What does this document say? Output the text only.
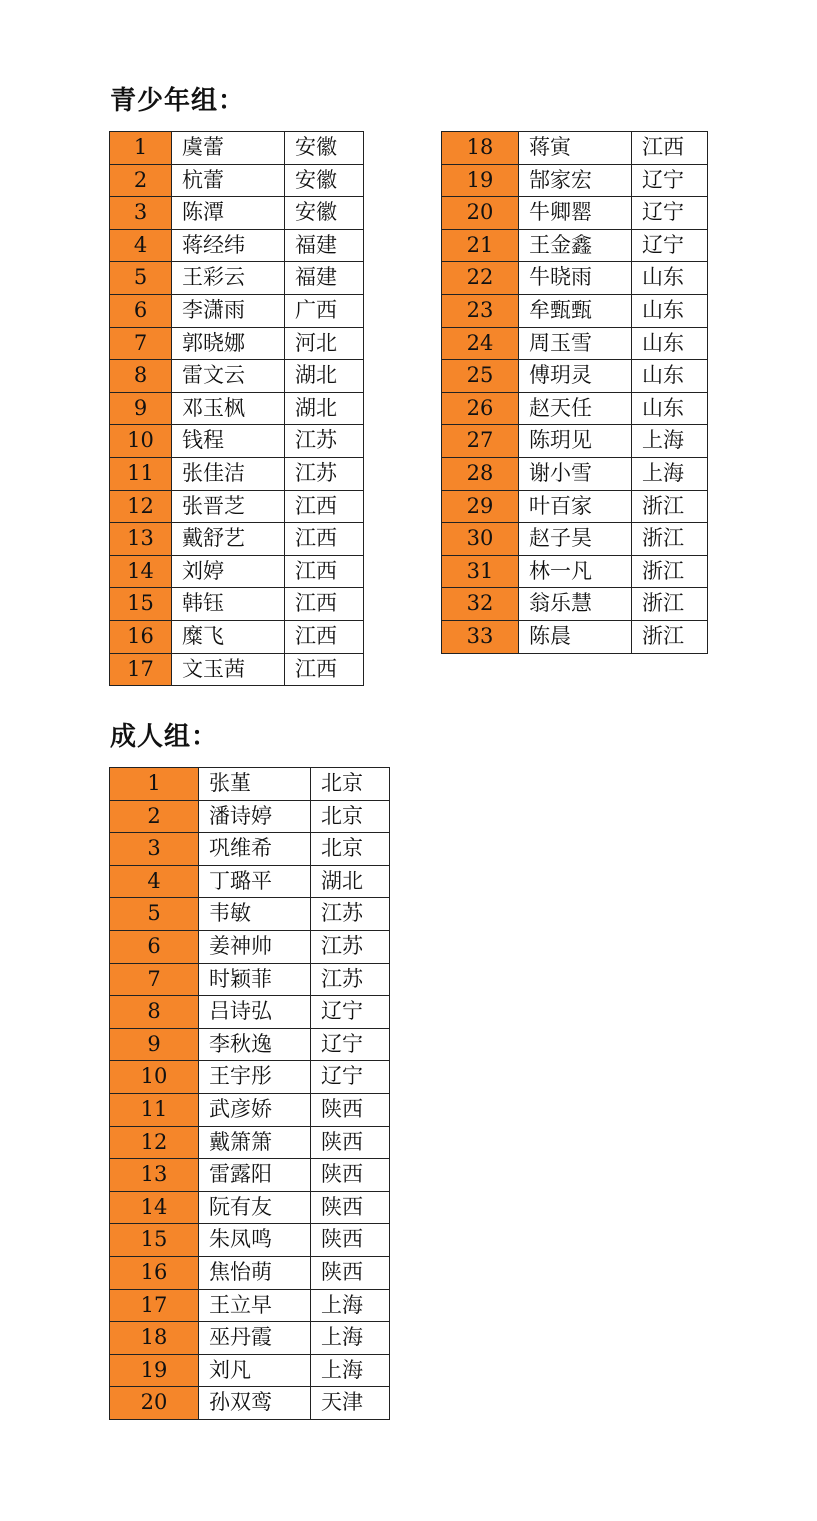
青少年组：
1	虞蕾	安徽
2	杭蕾	安徽
3	陈潭	安徽
4	蒋经纬	福建
5	王彩云	福建
6	李潇雨	广西
7	郭晓娜	河北
8	雷文云	湖北
9	邓玉枫	湖北
10	钱程	江苏
11	张佳洁	江苏
12	张晋芝	江西
13	戴舒艺	江西
14	刘婷	江西
15	韩钰	江西
16	糜飞	江西
17	文玉茜	江西
18	蒋寅	江西
19	郜家宏	辽宁
20	牛卿罂	辽宁
21	王金鑫	辽宁
22	牛晓雨	山东
23	牟甄甄	山东
24	周玉雪	山东
25	傅玥灵	山东
26	赵天任	山东
27	陈玥见	上海
28	谢小雪	上海
29	叶百家	浙江
30	赵子昊	浙江
31	林一凡	浙江
32	翁乐慧	浙江
33	陈晨	浙江
成人组：
1	张堇	北京
2	潘诗婷	北京
3	巩维希	北京
4	丁璐平	湖北
5	韦敏	江苏
6	姜神帅	江苏
7	时颖菲	江苏
8	吕诗弘	辽宁
9	李秋逸	辽宁
10	王宇彤	辽宁
11	武彦娇	陕西
12	戴箫箫	陕西
13	雷露阳	陕西
14	阮有友	陕西
15	朱凤鸣	陕西
16	焦怡萌	陕西
17	王立早	上海
18	巫丹霞	上海
19	刘凡	上海
20	孙双鸾	天津
